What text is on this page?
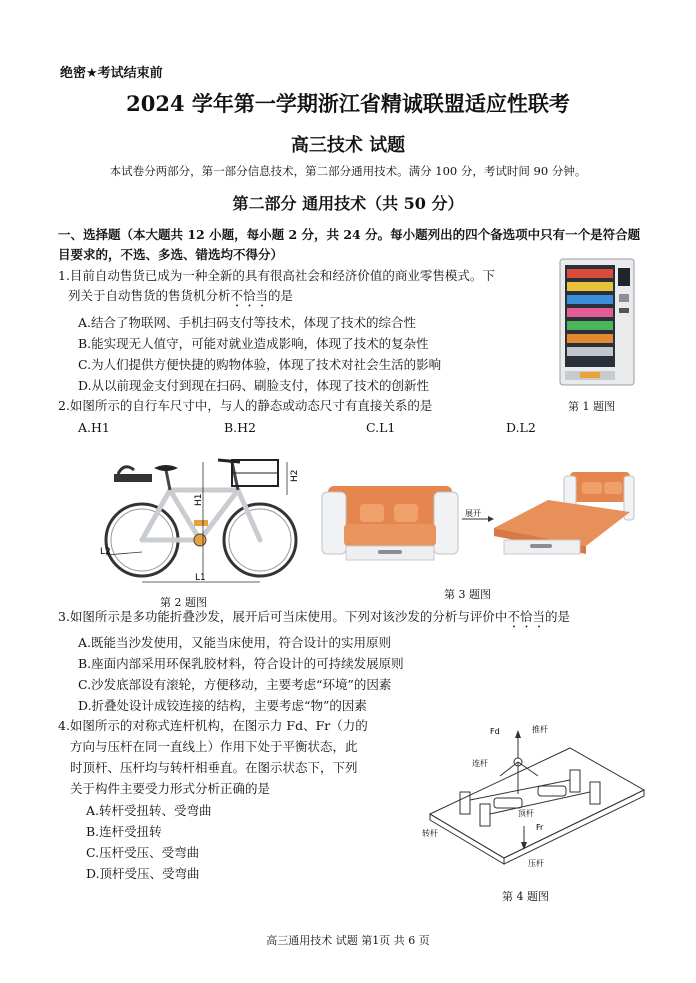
绝密★考试结束前
2024 学年第一学期浙江省精诚联盟适应性联考
高三技术 试题
本试卷分两部分，第一部分信息技术，第二部分通用技术。满分 100 分，考试时间 90 分钟。
第二部分 通用技术（共 50 分）
一、选择题（本大题共 12 小题，每小题 2 分，共 24 分。每小题列出的四个备选项中只有一个是符合题目要求的，不选、多选、错选均不得分）
1.目前自动售货已成为一种全新的具有很高社会和经济价值的商业零售模式。下
列关于自动售货的售货机分析不恰当的是
A.结合了物联网、手机扫码支付等技术，体现了技术的综合性
B.能实现无人值守，可能对就业造成影响，体现了技术的复杂性
C.为人们提供方便快捷的购物体验，体现了技术对社会生活的影响
D.从以前现金支付到现在扫码、刷脸支付，体现了技术的创新性
第 1 题图
2.如图所示的自行车尺寸中，与人的静态或动态尺寸有直接关系的是
A.H1	B.H2	C.L1	D.L2
H1
H2
L1
L2
第 2 题图
展开
第 3 题图
3.如图所示是多功能折叠沙发，展开后可当床使用。下列对该沙发的分析与评价中不恰当的是
A.既能当沙发使用，又能当床使用，符合设计的实用原则
B.座面内部采用环保乳胶材料，符合设计的可持续发展原则
C.沙发底部设有滚轮，方便移动，主要考虑“环境”的因素
D.折叠处设计成铰连接的结构，主要考虑“物”的因素
4.如图所示的对称式连杆机构，在图示力 Fd、Fr（力的
方向与压杆在同一直线上）作用下处于平衡状态，此
时顶杆、压杆均与转杆相垂直。在图示状态下，下列
关于构件主要受力形式分析正确的是
A.转杆受扭转、受弯曲
B.连杆受扭转
C.压杆受压、受弯曲
D.顶杆受压、受弯曲
Fd	推杆
连杆
顶杆
Fr
转杆
压杆
第 4 题图
高三通用技术 试题 第1页 共 6 页
